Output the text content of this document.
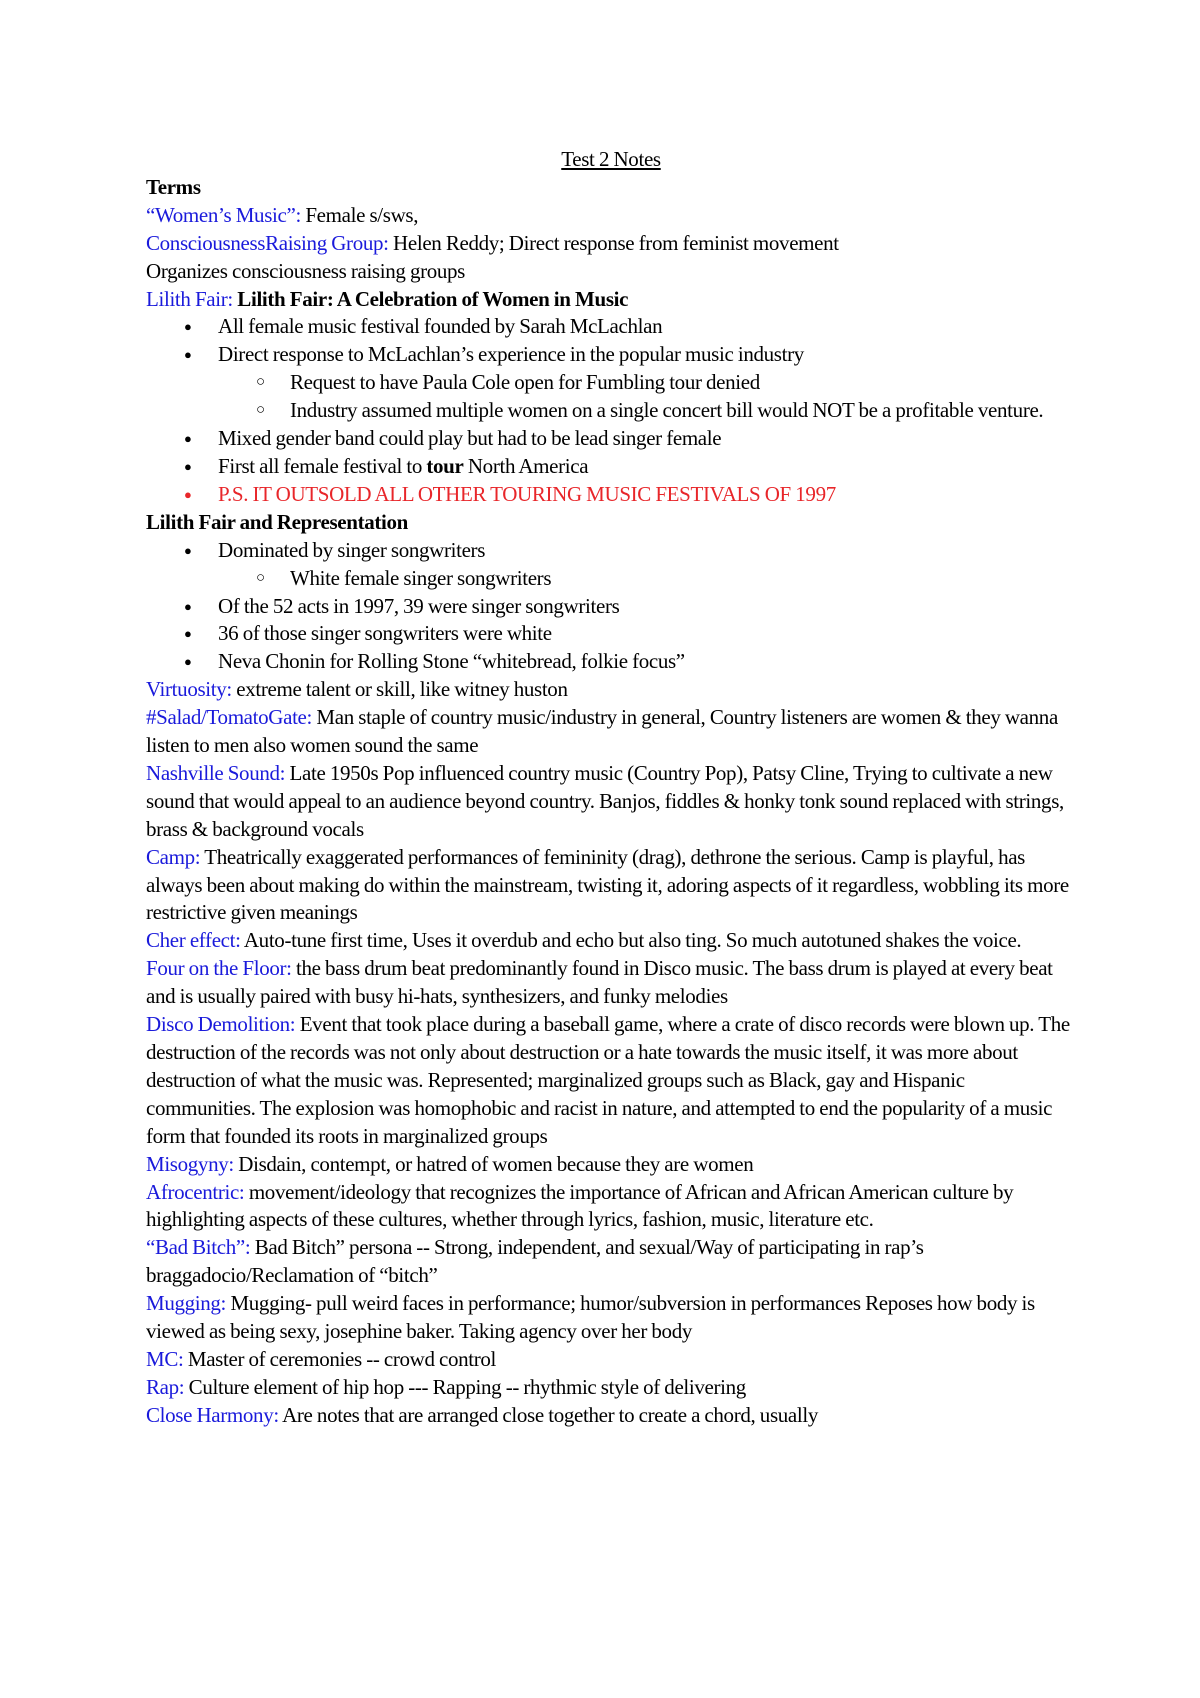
Test 2 Notes

Terms

“Women’s Music”: Female s/sws,

ConsciousnessRaising Group: Helen Reddy; Direct response from feminist movement

Organizes consciousness raising groups

Lilith Fair: Lilith Fair: A Celebration of Women in Music

● All female music festival founded by Sarah McLachlan
● Direct response to McLachlan’s experience in the popular music industry
○ Request to have Paula Cole open for Fumbling tour denied
○ Industry assumed multiple women on a single concert bill would NOT be a profitable venture.
● Mixed gender band could play but had to be lead singer female
● First all female festival to tour North America
● P.S. IT OUTSOLD ALL OTHER TOURING MUSIC FESTIVALS OF 1997

Lilith Fair and Representation

● Dominated by singer songwriters
○ White female singer songwriters
● Of the 52 acts in 1997, 39 were singer songwriters
● 36 of those singer songwriters were white
● Neva Chonin for Rolling Stone “whitebread, folkie focus”

Virtuosity: extreme talent or skill, like witney huston

#Salad/TomatoGate: Man staple of country music/industry in general, Country listeners are women & they wanna listen to men also women sound the same

Nashville Sound: Late 1950s Pop influenced country music (Country Pop), Patsy Cline, Trying to cultivate a new sound that would appeal to an audience beyond country. Banjos, fiddles & honky tonk sound replaced with strings, brass & background vocals

Camp: Theatrically exaggerated performances of femininity (drag), dethrone the serious. Camp is playful, has always been about making do within the mainstream, twisting it, adoring aspects of it regardless, wobbling its more restrictive given meanings

Cher effect: Auto-tune first time, Uses it overdub and echo but also ting. So much autotuned shakes the voice.

Four on the Floor: the bass drum beat predominantly found in Disco music. The bass drum is played at every beat and is usually paired with busy hi-hats, synthesizers, and funky melodies

Disco Demolition: Event that took place during a baseball game, where a crate of disco records were blown up. The destruction of the records was not only about destruction or a hate towards the music itself, it was more about destruction of what the music was. Represented; marginalized groups such as Black, gay and Hispanic communities. The explosion was homophobic and racist in nature, and attempted to end the popularity of a music form that founded its roots in marginalized groups

Misogyny: Disdain, contempt, or hatred of women because they are women

Afrocentric: movement/ideology that recognizes the importance of African and African American culture by highlighting aspects of these cultures, whether through lyrics, fashion, music, literature etc.

“Bad Bitch”: Bad Bitch” persona -- Strong, independent, and sexual/Way of participating in rap’s braggadocio/Reclamation of “bitch”

Mugging: Mugging- pull weird faces in performance; humor/subversion in performances Reposes how body is viewed as being sexy, josephine baker. Taking agency over her body

MC: Master of ceremonies -- crowd control

Rap: Culture element of hip hop --- Rapping -- rhythmic style of delivering

Close Harmony: Are notes that are arranged close together to create a chord, usually
